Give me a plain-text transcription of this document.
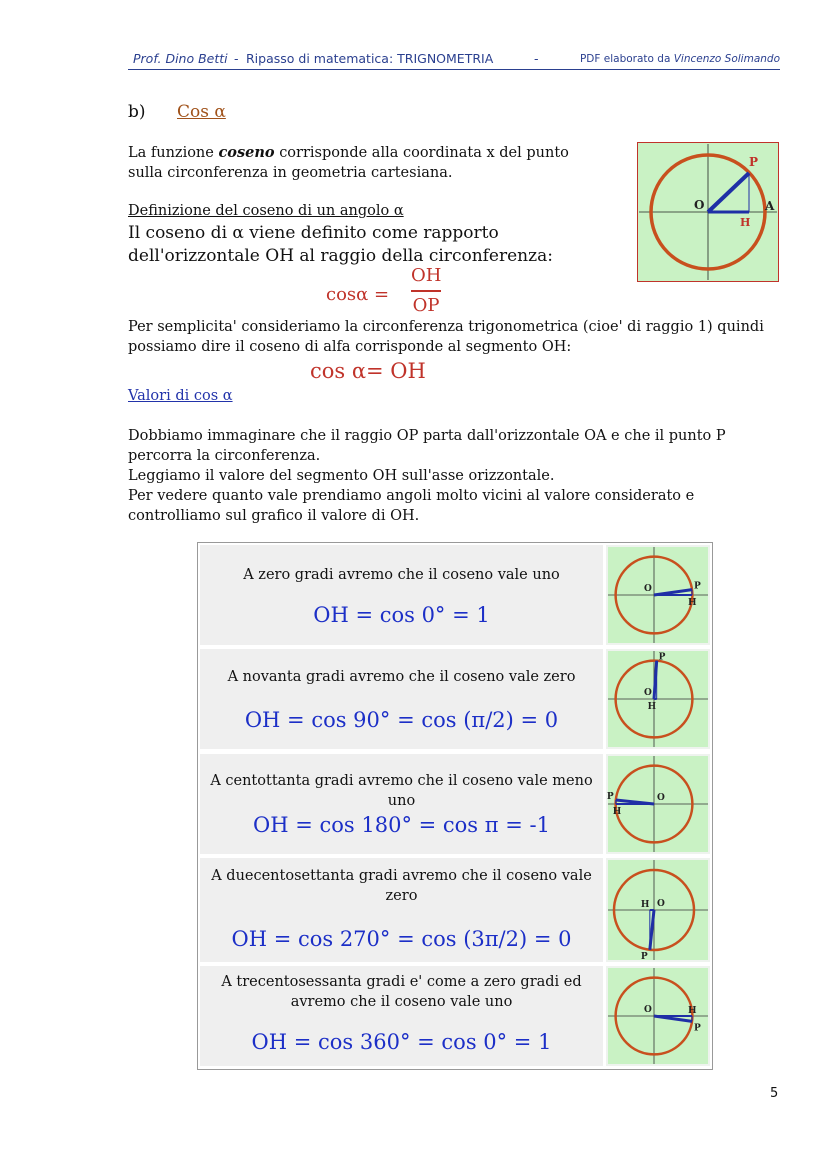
Prof. Dino Betti - Ripasso di matematica: TRIGNOMETRIA	-	PDF elaborato da Vincenzo Solimando
b) Cos α
La funzione coseno corrisponde alla coordinata x del punto sulla circonferenza in geometria cartesiana.
Definizione del coseno di un angolo α
Il coseno di α viene definito come rapporto dell'orizzontale OH al raggio della circonferenza:
cosα =
OH
OP
Per semplicita' consideriamo la circonferenza trigonometrica (cioe' di raggio 1) quindi possiamo dire il coseno di alfa corrisponde al segmento OH:
cos α= OH
Valori di cos α
Dobbiamo immaginare che il raggio OP parta dall'orizzontale OA e che il punto P percorra la circonferenza.
Leggiamo il valore del segmento OH sull'asse orizzontale.
Per vedere quanto vale prendiamo angoli molto vicini al valore considerato e controlliamo sul grafico il valore di OH.
O
P
A
H
A zero gradi avremo che il coseno vale uno
OH = cos 0° = 1
O	P
H
A novanta gradi avremo che il coseno vale zero
OH = cos 90° = cos (π/2) = 0
O
P
H
A centottanta gradi avremo che il coseno vale meno uno
OH = cos 180° = cos π = -1
O
P
H
A duecentosettanta gradi avremo che il coseno vale zero
OH = cos 270° = cos (3π/2) = 0
O
P
H
A trecentosessanta gradi e' come a zero gradi ed avremo che il coseno vale uno
OH = cos 360° = cos 0° = 1
O
P
H
5
